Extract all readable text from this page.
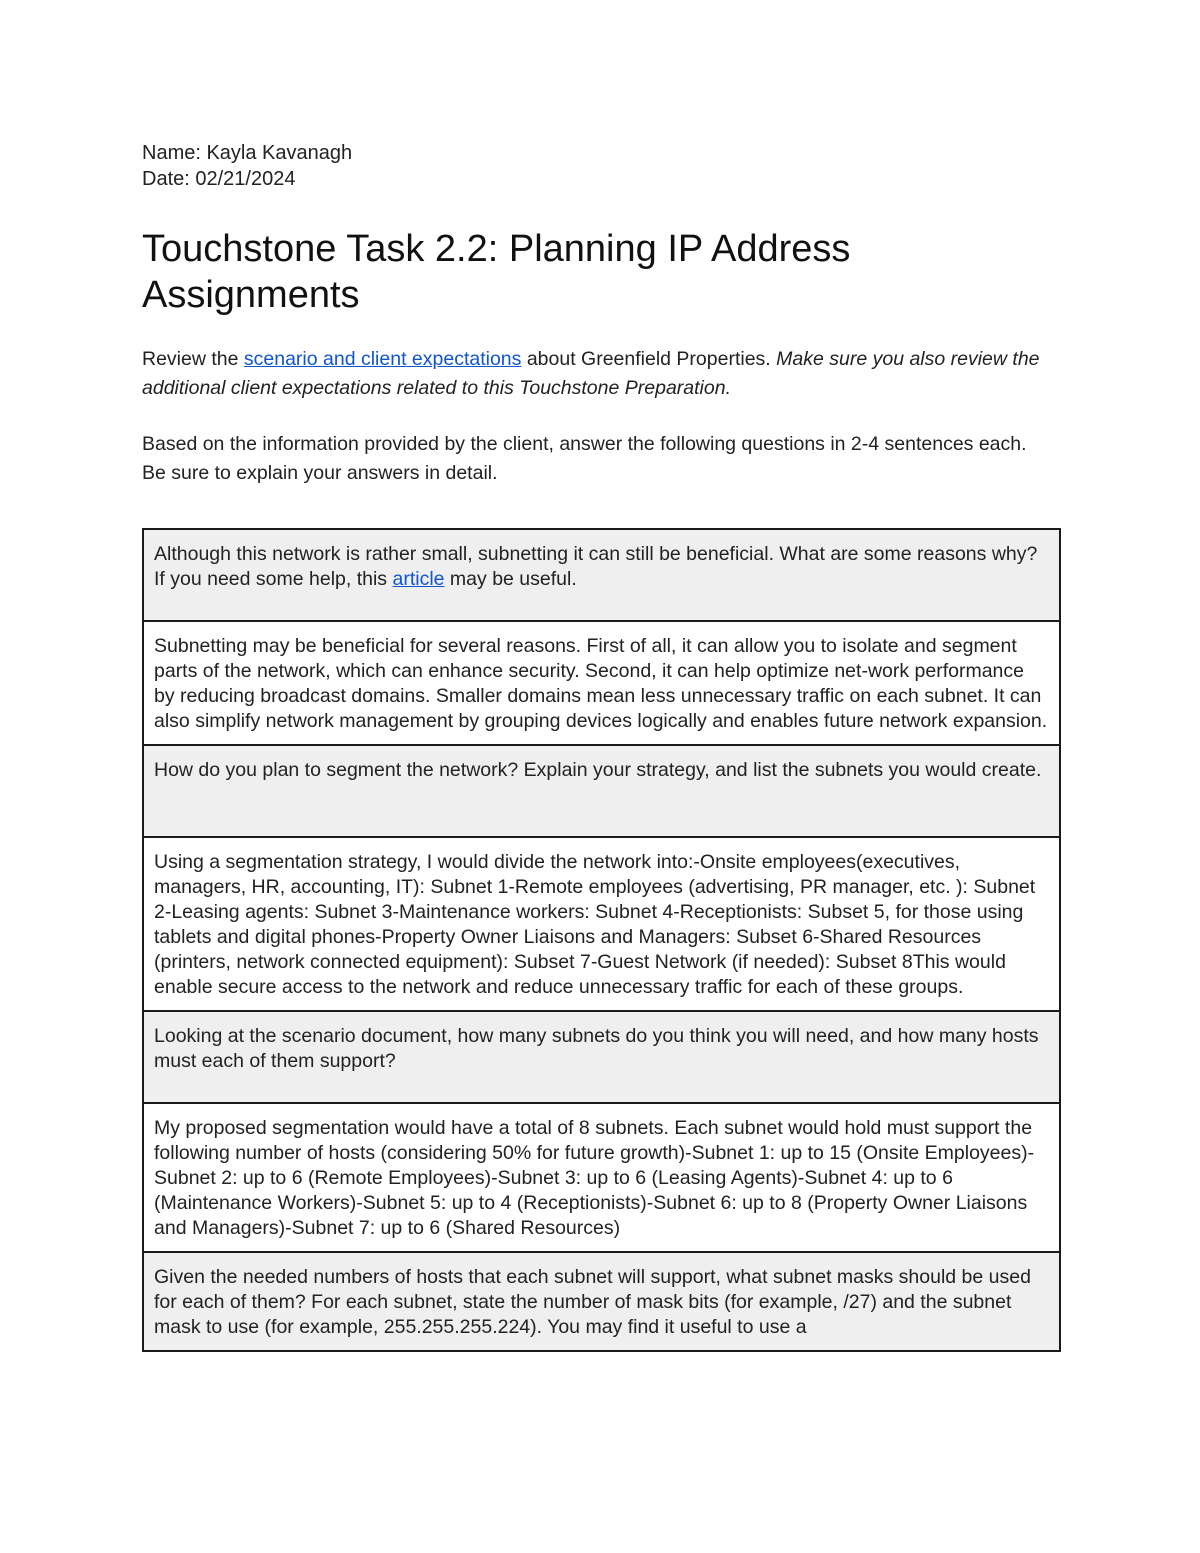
Name: Kayla Kavanagh
Date: 02/21/2024
Touchstone Task 2.2: Planning IP Address Assignments
Review the scenario and client expectations about Greenfield Properties. Make sure you also review the additional client expectations related to this Touchstone Preparation.
Based on the information provided by the client, answer the following questions in 2-4 sentences each. Be sure to explain your answers in detail.
Although this network is rather small, subnetting it can still be beneficial. What are some reasons why? If you need some help, this article may be useful.
Subnetting may be beneficial for several reasons. First of all, it can allow you to isolate and segment parts of the network, which can enhance security. Second, it can help optimize net-work performance by reducing broadcast domains. Smaller domains mean less unnecessary traffic on each subnet. It can also simplify network management by grouping devices logically and enables future network expansion.
How do you plan to segment the network? Explain your strategy, and list the subnets you would create.
Using a segmentation strategy, I would divide the network into:-Onsite employees(executives, managers, HR, accounting, IT): Subnet 1-Remote employees (advertising, PR manager, etc. ): Subnet 2-Leasing agents: Subnet 3-Maintenance workers: Subnet 4-Receptionists: Subset 5, for those using tablets and digital phones-Property Owner Liaisons and Managers: Subset 6-Shared Resources (printers, network connected equipment): Subset 7-Guest Network (if needed): Subset 8This would enable secure access to the network and reduce unnecessary traffic for each of these groups.
Looking at the scenario document, how many subnets do you think you will need, and how many hosts must each of them support?
My proposed segmentation would have a total of 8 subnets. Each subnet would hold must support the following number of hosts (considering 50% for future growth)-Subnet 1: up to 15 (Onsite Employees)-Subnet 2: up to 6 (Remote Employees)-Subnet 3: up to 6 (Leasing Agents)-Subnet 4: up to 6 (Maintenance Workers)-Subnet 5: up to 4 (Receptionists)-Subnet 6: up to 8 (Property Owner Liaisons and Managers)-Subnet 7: up to 6 (Shared Resources)
Given the needed numbers of hosts that each subnet will support, what subnet masks should be used for each of them? For each subnet, state the number of mask bits (for example, /27) and the subnet mask to use (for example, 255.255.255.224). You may find it useful to use a
